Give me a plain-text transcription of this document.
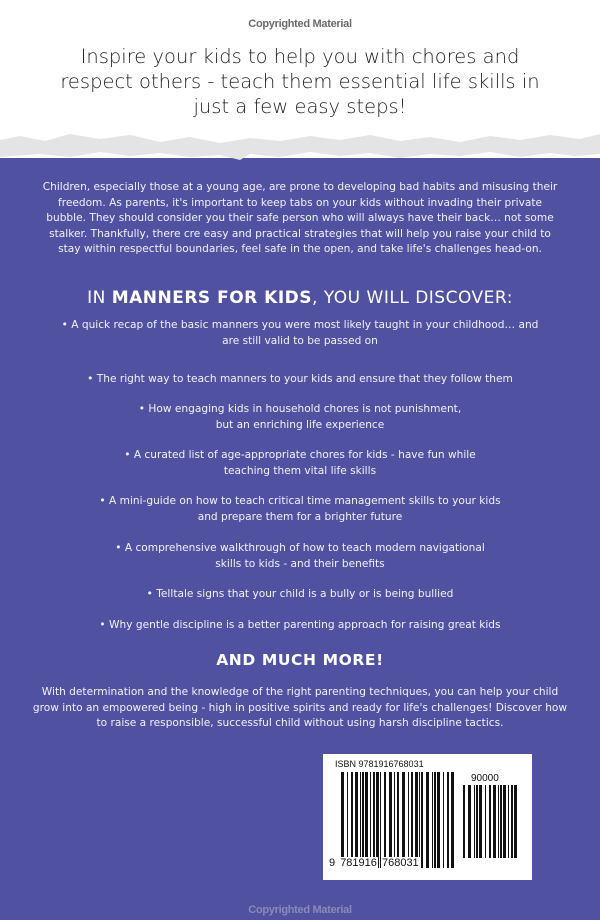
Copyrighted Material
Inspire your kids to help you with chores and respect others - teach them essential life skills in just a few easy steps!
Children, especially those at a young age, are prone to developing bad habits and misusing their freedom. As parents, it's important to keep tabs on your kids without invading their private bubble. They should consider you their safe person who will always have their back… not some stalker. Thankfully, there cre easy and practical strategies that will help you raise your child to stay within respectful boundaries, feel safe in the open, and take life's challenges head-on.
IN MANNERS FOR KIDS, YOU WILL DISCOVER:
• A quick recap of the basic manners you were most likely taught in your childhood… and are still valid to be passed on
• The right way to teach manners to your kids and ensure that they follow them
• How engaging kids in household chores is not punishment, but an enriching life experience
• A curated list of age-appropriate chores for kids - have fun while teaching them vital life skills
• A mini-guide on how to teach critical time management skills to your kids and prepare them for a brighter future
• A comprehensive walkthrough of how to teach modern navigational skills to kids - and their benefits
• Telltale signs that your child is a bully or is being bullied
• Why gentle discipline is a better parenting approach for raising great kids
AND MUCH MORE!
With determination and the knowledge of the right parenting techniques, you can help your child grow into an empowered being - high in positive spirits and ready for life's challenges! Discover how to raise a responsible, successful child without using harsh discipline tactics.
ISBN 9781916768031
90000
9 781916 768031
Copyrighted Material
